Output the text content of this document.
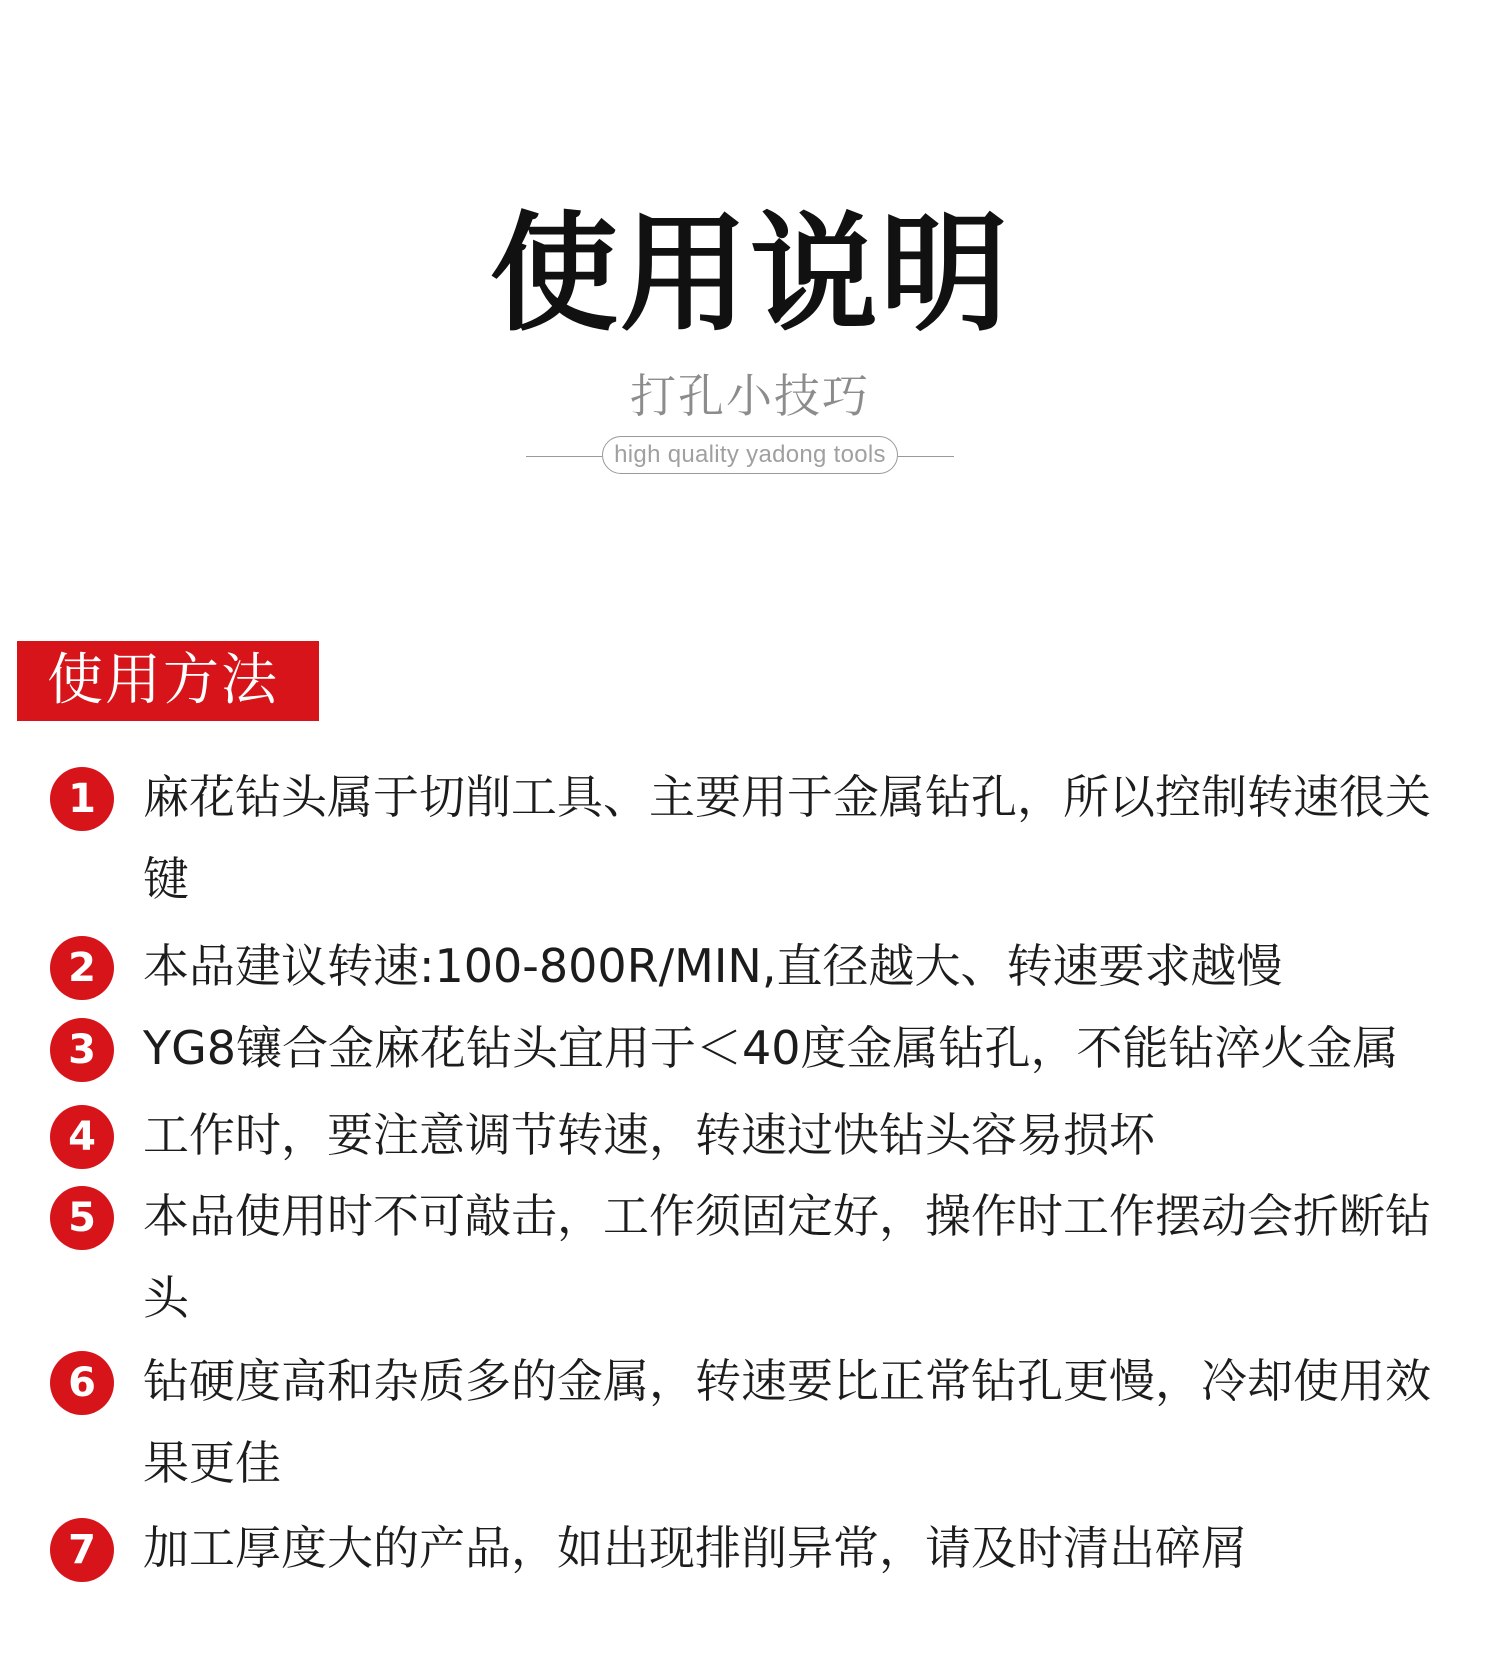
使用说明
打孔小技巧
high quality yadong tools
使用方法
1	麻花钻头属于切削工具、主要用于金属钻孔，所以控制转速很关键
2	本品建议转速:100-800R/MIN,直径越大、转速要求越慢
3	YG8镶合金麻花钻头宜用于＜40度金属钻孔，不能钻淬火金属
4	工作时，要注意调节转速，转速过快钻头容易损坏
5	本品使用时不可敲击，工作须固定好，操作时工作摆动会折断钻头
6	钻硬度高和杂质多的金属，转速要比正常钻孔更慢，冷却使用效果更佳
7	加工厚度大的产品，如出现排削异常，请及时清出碎屑
